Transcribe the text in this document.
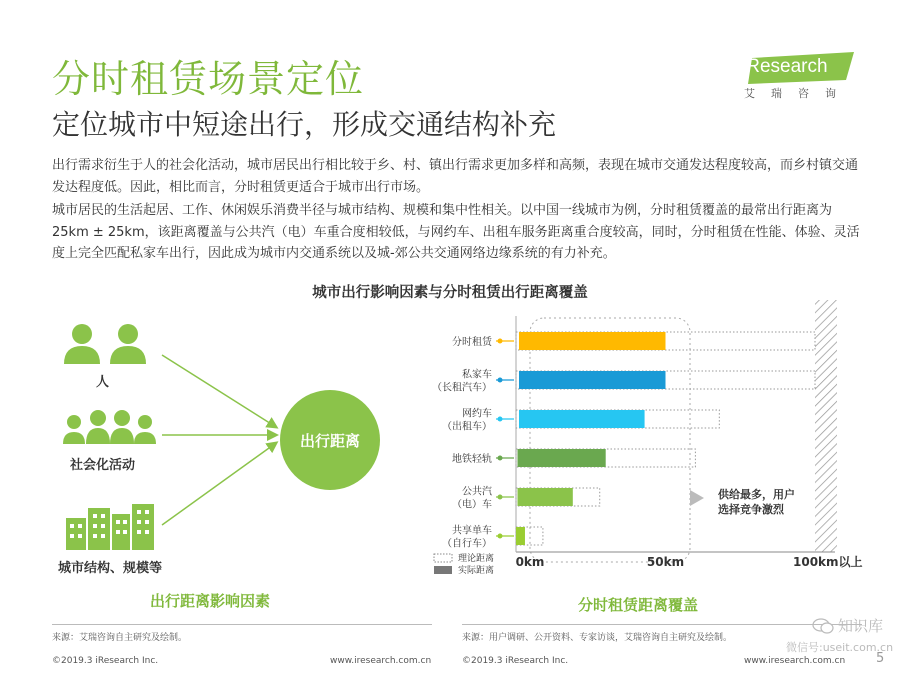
分时租赁场景定位
定位城市中短途出行，形成交通结构补充
iResearch
艾瑞咨询
出行需求衍生于人的社会化活动，城市居民出行相比较于乡、村、镇出行需求更加多样和高频，表现在城市交通发达程度较高，而乡村镇交通发达程度低。因此，相比而言，分时租赁更适合于城市出行市场。
城市居民的生活起居、工作、休闲娱乐消费半径与城市结构、规模和集中性相关。以中国一线城市为例，分时租赁覆盖的最常出行距离为25km ± 25km，该距离覆盖与公共汽（电）车重合度相较低，与网约车、出租车服务距离重合度较高，同时，分时租赁在性能、体验、灵活度上完全匹配私家车出行，因此成为城市内交通系统以及城-郊公共交通网络边缘系统的有力补充。
城市出行影响因素与分时租赁出行距离覆盖
人
社会化活动
城市结构、规模等
出行距离
出行距离影响因素
分时租赁
私家车
（长租汽车）
网约车
（出租车）
地铁轻轨
公共汽
（电）车
共享单车
（自行车）
0km	50km	100km以上
供给最多，用户
选择竞争激烈
理论距离
实际距离
分时租赁距离覆盖
来源：艾瑞咨询自主研究及绘制。	来源：用户调研、公开资料、专家访谈，艾瑞咨询自主研究及绘制。
©2019.3 iResearch Inc.	www.iresearch.com.cn	©2019.3 iResearch Inc.	www.iresearch.com.cn
知识库
微信号:useit.com.cn
5
